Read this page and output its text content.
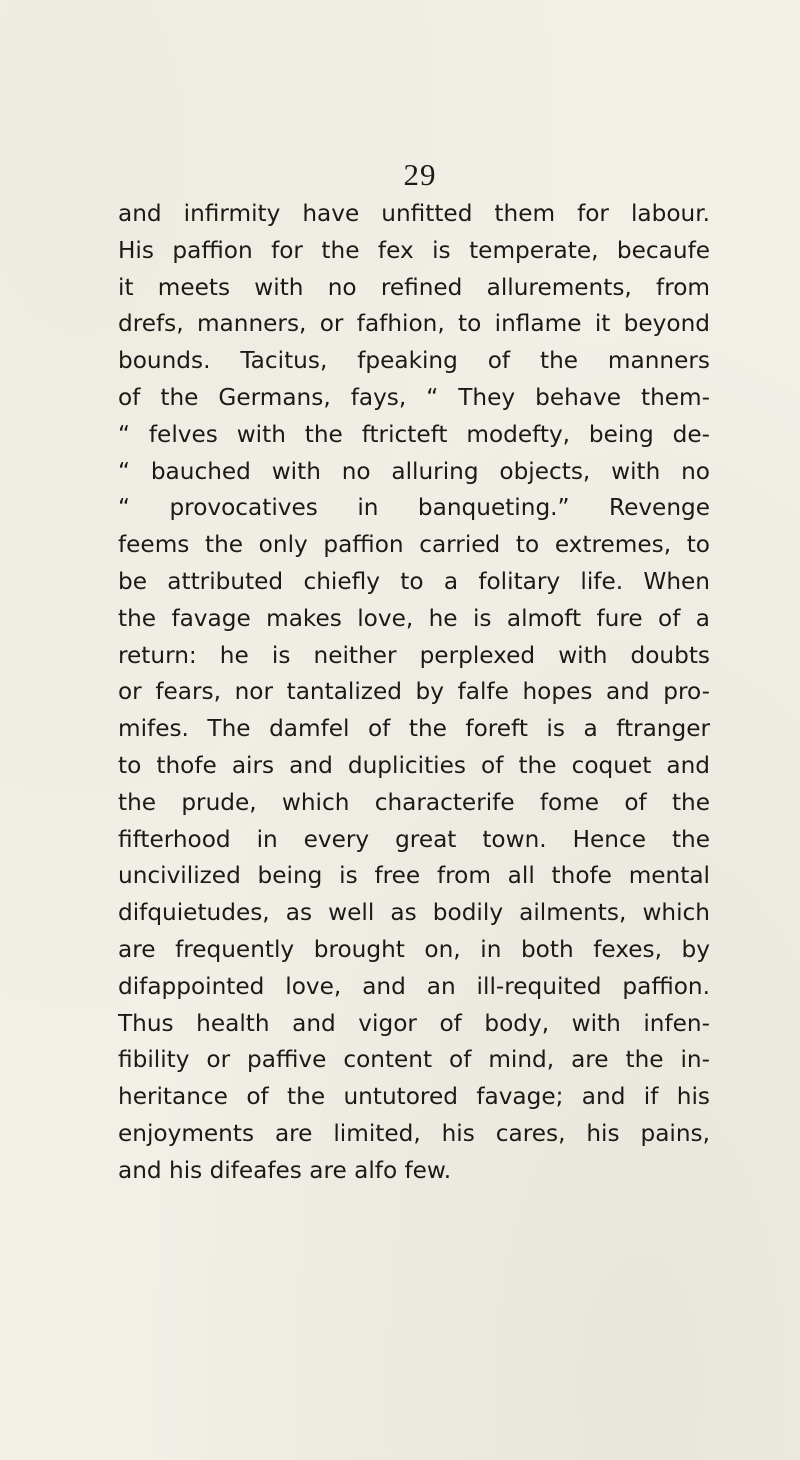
29
and infirmity have unfitted them for labour.
His paffion for the fex is temperate, becaufe
it meets with no refined allurements, from
drefs, manners, or fafhion, to inflame it beyond
bounds. Tacitus, fpeaking of the manners
of the Germans, fays, “ They behave them-
“ felves with the ftricteft modefty, being de-
“ bauched with no alluring objects, with no
“ provocatives in banqueting.” Revenge
feems the only paffion carried to extremes, to
be attributed chiefly to a folitary life. When
the favage makes love, he is almoft fure of a
return: he is neither perplexed with doubts
or fears, nor tantalized by falfe hopes and pro-
mifes. The damfel of the foreft is a ftranger
to thofe airs and duplicities of the coquet and
the prude, which characterife fome of the
fifterhood in every great town. Hence the
uncivilized being is free from all thofe mental
difquietudes, as well as bodily ailments, which
are frequently brought on, in both fexes, by
difappointed love, and an ill-requited paffion.
Thus health and vigor of body, with infen-
fibility or paffive content of mind, are the in-
heritance of the untutored favage; and if his
enjoyments are limited, his cares, his pains,
and his difeafes are alfo few.
